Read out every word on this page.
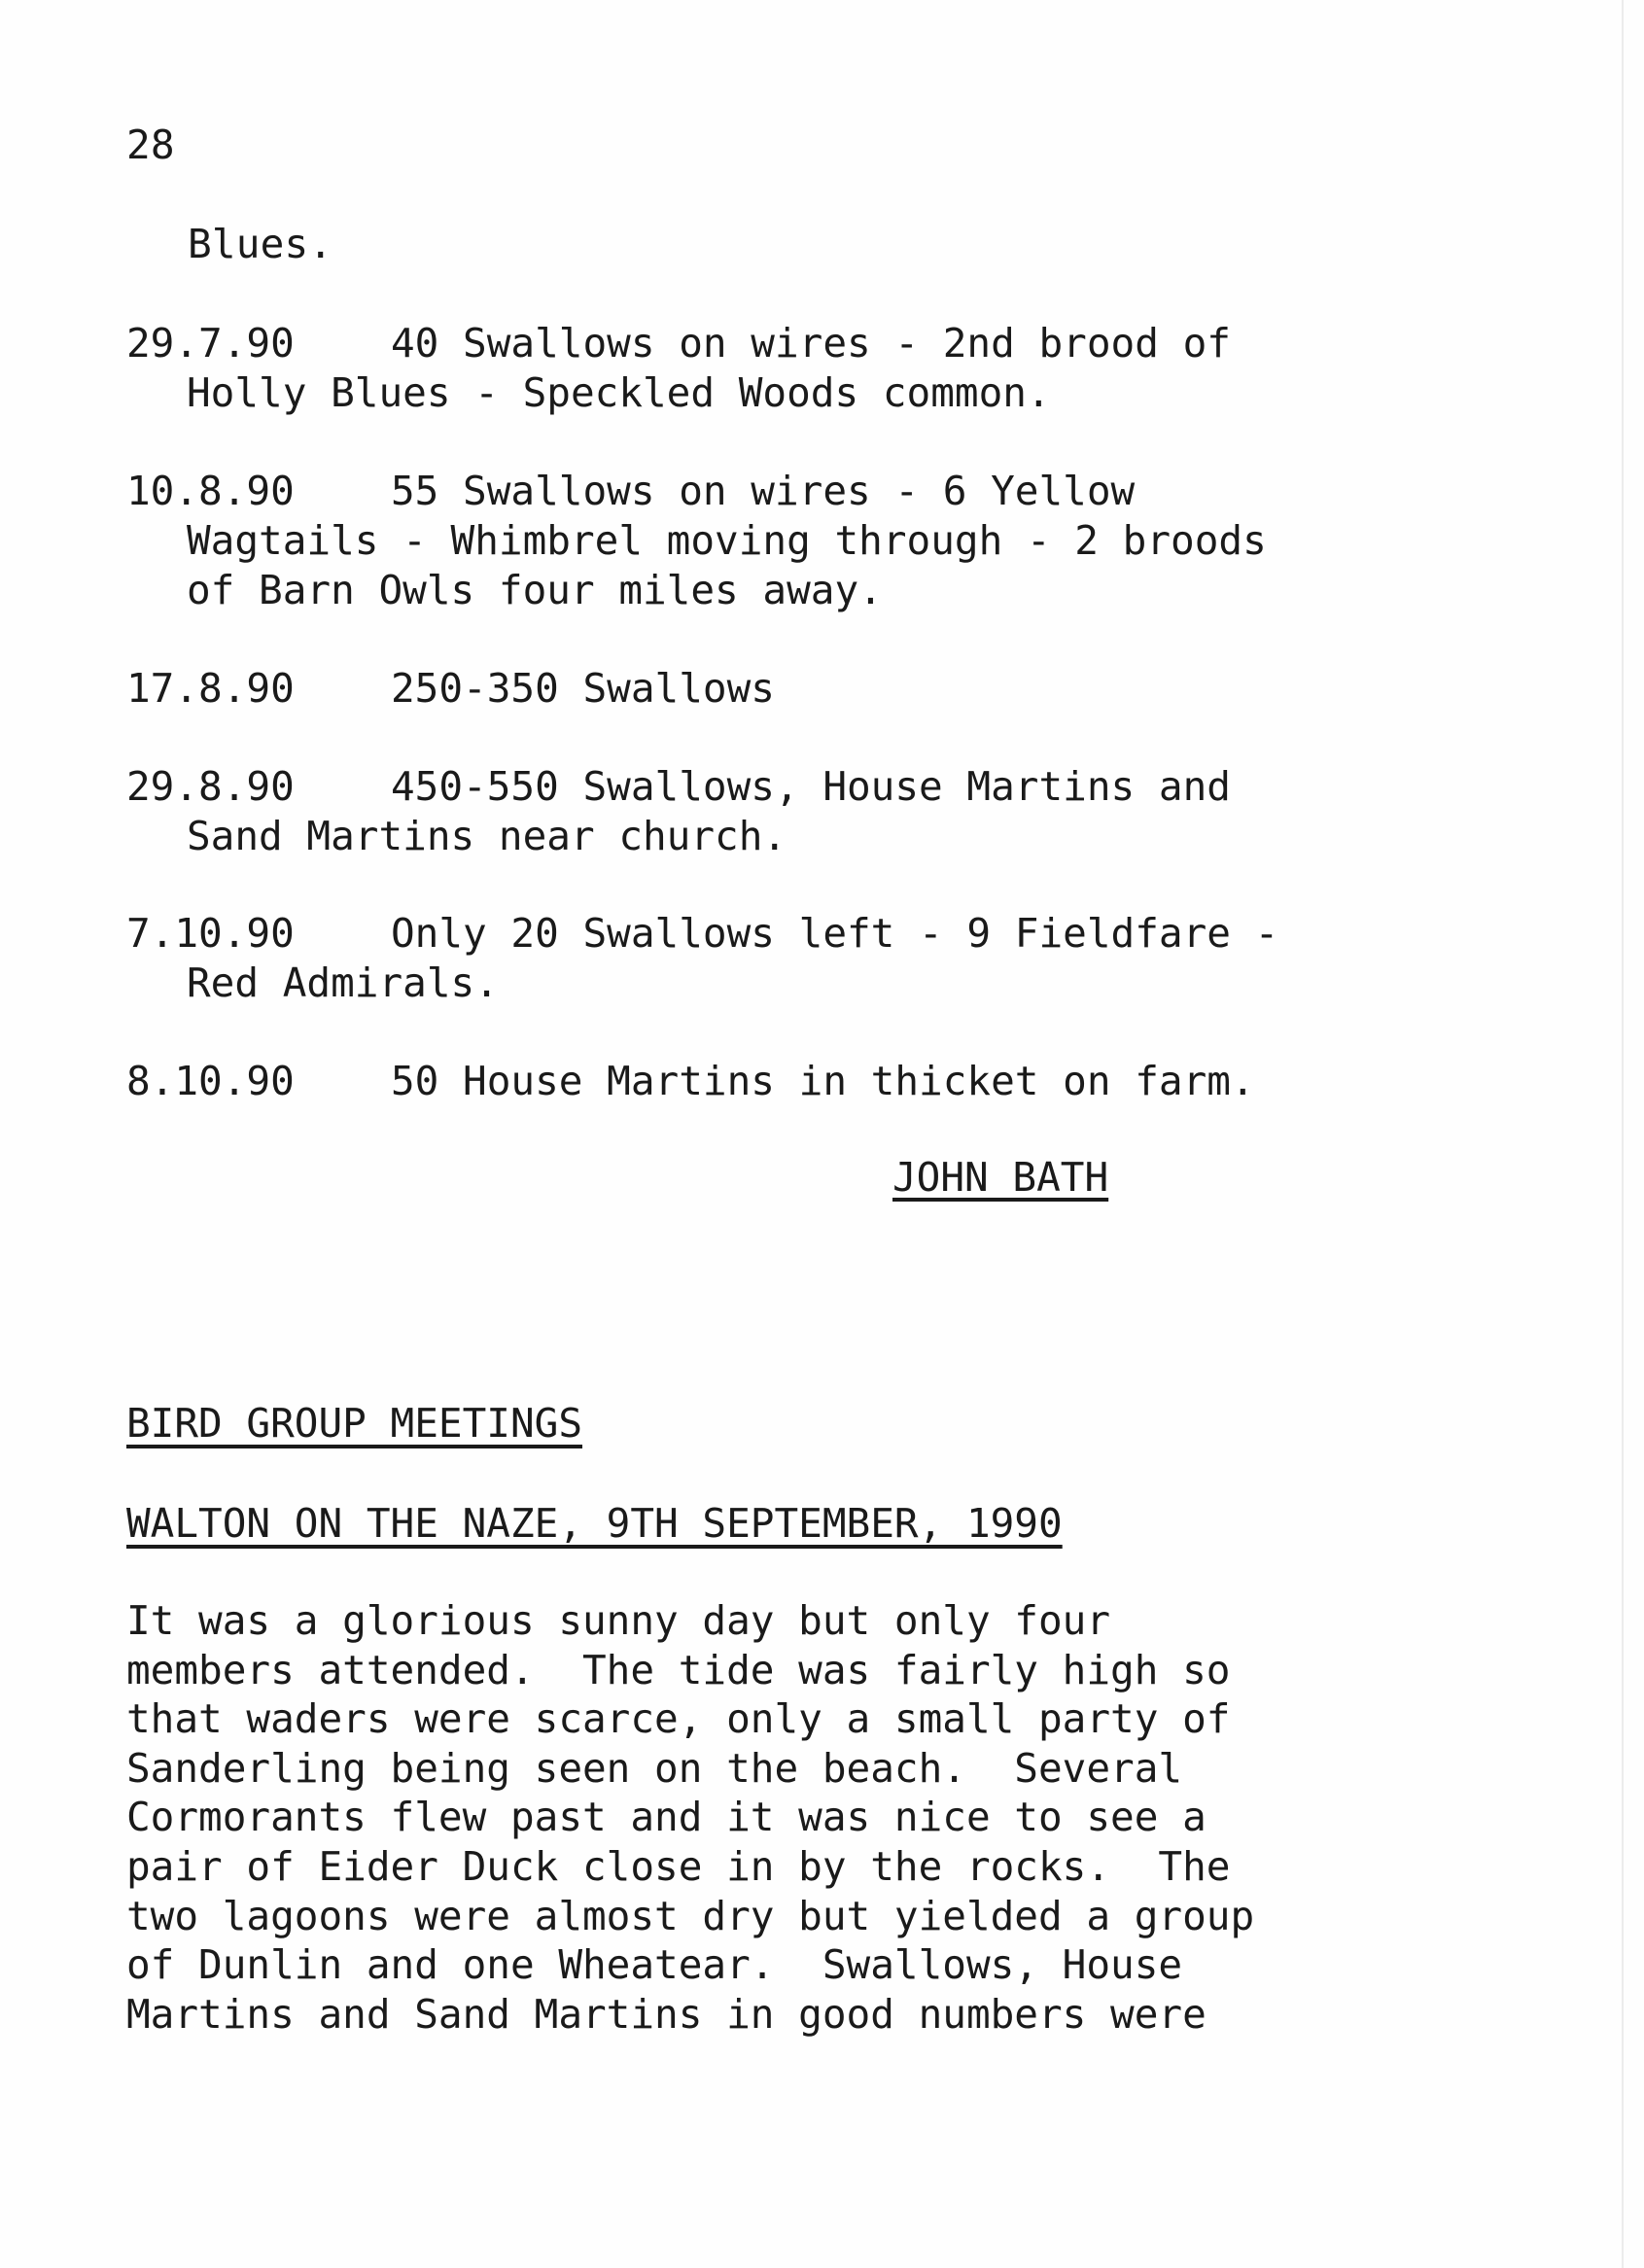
28
Blues.
29.7.90 40 Swallows on wires - 2nd brood of
Holly Blues - Speckled Woods common.
10.8.90 55 Swallows on wires - 6 Yellow
Wagtails - Whimbrel moving through - 2 broods
of Barn Owls four miles away.
17.8.90 250-350 Swallows
29.8.90 450-550 Swallows, House Martins and
Sand Martins near church.
7.10.90 Only 20 Swallows left - 9 Fieldfare -
Red Admirals.
8.10.90 50 House Martins in thicket on farm.
JOHN BATH
BIRD GROUP MEETINGS
WALTON ON THE NAZE, 9TH SEPTEMBER, 1990
It was a glorious sunny day but only four
members attended.  The tide was fairly high so
that waders were scarce, only a small party of
Sanderling being seen on the beach.  Several
Cormorants flew past and it was nice to see a
pair of Eider Duck close in by the rocks.  The
two lagoons were almost dry but yielded a group
of Dunlin and one Wheatear.  Swallows, House
Martins and Sand Martins in good numbers were
